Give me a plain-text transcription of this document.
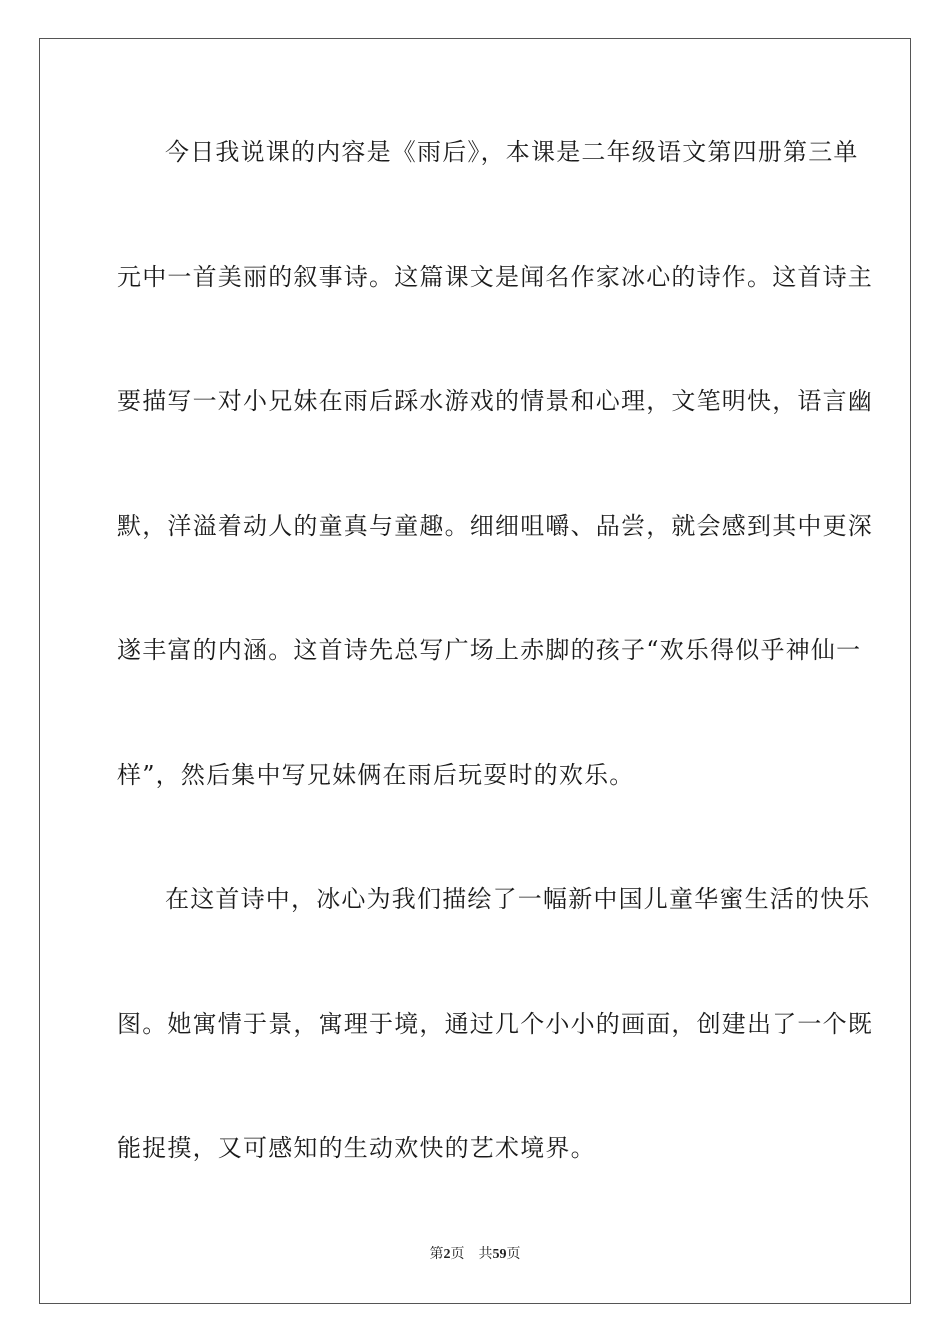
今日我说课的内容是《雨后》，本课是二年级语文第四册第三单
元中一首美丽的叙事诗。这篇课文是闻名作家冰心的诗作。这首诗主
要描写一对小兄妹在雨后踩水游戏的情景和心理，文笔明快，语言幽
默，洋溢着动人的童真与童趣。细细咀嚼、品尝，就会感到其中更深
遂丰富的内涵。这首诗先总写广场上赤脚的孩子“欢乐得似乎神仙一
样”，然后集中写兄妹俩在雨后玩耍时的欢乐。
在这首诗中，冰心为我们描绘了一幅新中国儿童华蜜生活的快乐
图。她寓情于景，寓理于境，通过几个小小的画面，创建出了一个既
能捉摸，又可感知的生动欢快的艺术境界。
第2页 共59页
